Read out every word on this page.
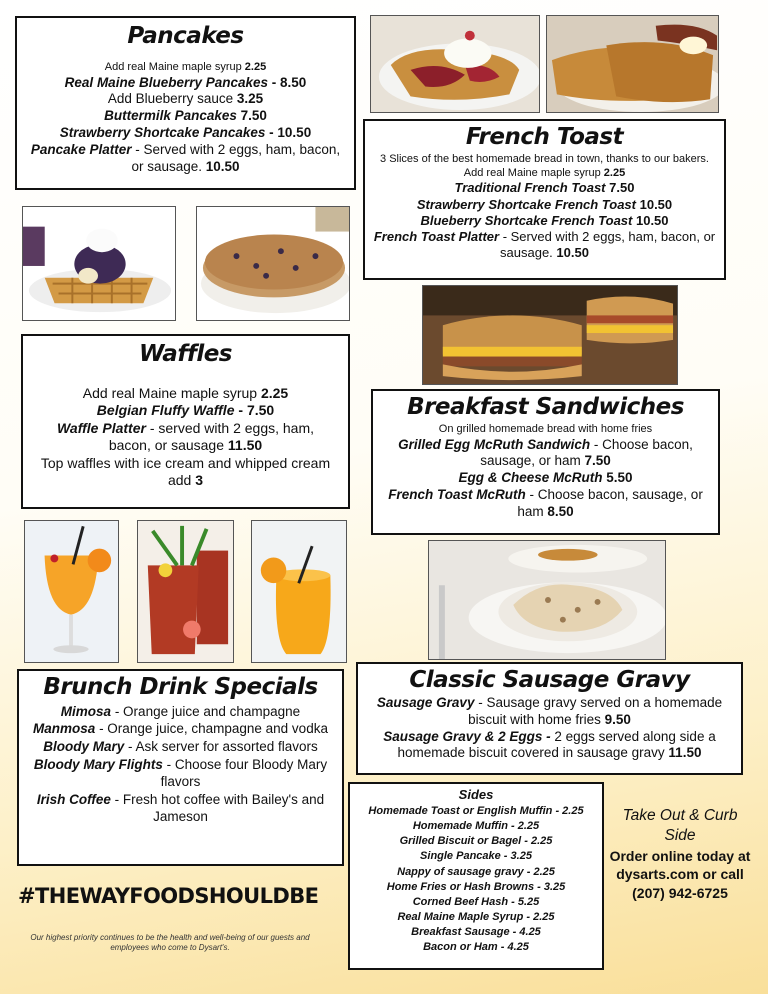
Pancakes
Add real Maine maple syrup 2.25
Real Maine Blueberry Pancakes - 8.50
Add Blueberry sauce 3.25
Buttermilk Pancakes 7.50
Strawberry Shortcake Pancakes - 10.50
Pancake Platter - Served with 2 eggs, ham, bacon, or sausage. 10.50
French Toast
3 Slices of the best homemade bread in town, thanks to our bakers. Add real Maine maple syrup 2.25
Traditional French Toast 7.50
Strawberry Shortcake French Toast 10.50
Blueberry Shortcake French Toast 10.50
French Toast Platter - Served with 2 eggs, ham, bacon, or sausage. 10.50
Waffles
Add real Maine maple syrup 2.25
Belgian Fluffy Waffle - 7.50
Waffle Platter - served with 2 eggs, ham, bacon, or sausage 11.50
Top waffles with ice cream and whipped cream add 3
Breakfast Sandwiches
On grilled homemade bread with home fries
Grilled Egg McRuth Sandwich - Choose bacon, sausage, or ham 7.50
Egg & Cheese McRuth 5.50
French Toast McRuth - Choose bacon, sausage, or ham 8.50
Brunch Drink Specials
Mimosa - Orange juice and champagne
Manmosa - Orange juice, champagne and vodka
Bloody Mary - Ask server for assorted flavors
Bloody Mary Flights - Choose four Bloody Mary flavors
Irish Coffee - Fresh hot coffee with Bailey's and Jameson
Classic Sausage Gravy
Sausage Gravy - Sausage gravy served on a homemade biscuit with home fries 9.50
Sausage Gravy & 2 Eggs - 2 eggs served along side a homemade biscuit covered in sausage gravy 11.50
Sides
Homemade Toast or English Muffin - 2.25
Homemade Muffin - 2.25
Grilled Biscuit or Bagel - 2.25
Single Pancake - 3.25
Nappy of sausage gravy - 2.25
Home Fries or Hash Browns - 3.25
Corned Beef Hash - 5.25
Real Maine Maple Syrup - 2.25
Breakfast Sausage - 4.25
Bacon or Ham - 4.25
#THEWAYFOODSHOULDBE
Our highest priority continues to be the health and well-being of our guests and employees who come to Dysart's.
Take Out & Curb Side
Order online today at dysarts.com or call
(207) 942-6725
